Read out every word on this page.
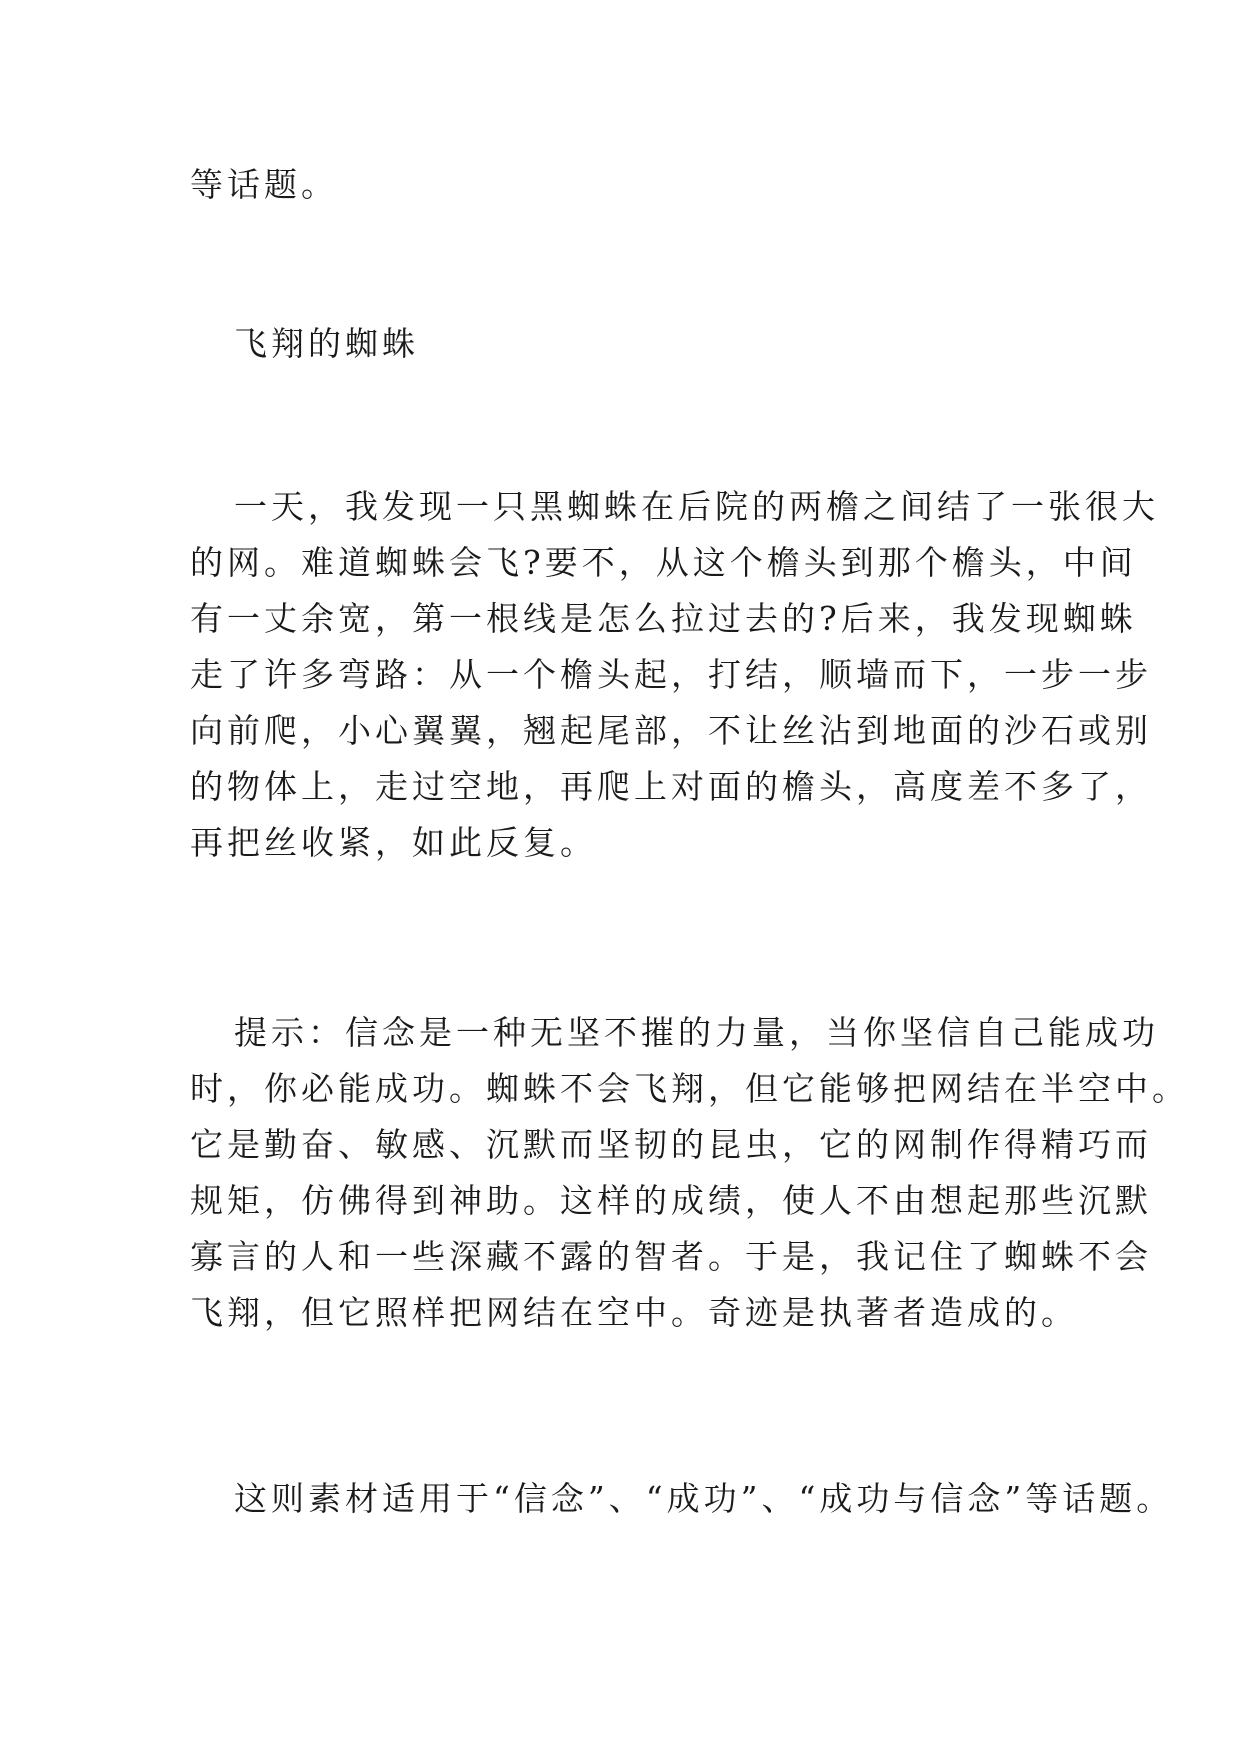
等话题。
飞翔的蜘蛛
一天，我发现一只黑蜘蛛在后院的两檐之间结了一张很大
的网。难道蜘蛛会飞?要不，从这个檐头到那个檐头，中间
有一丈余宽，第一根线是怎么拉过去的?后来，我发现蜘蛛
走了许多弯路：从一个檐头起，打结，顺墙而下，一步一步
向前爬，小心翼翼，翘起尾部，不让丝沾到地面的沙石或别
的物体上，走过空地，再爬上对面的檐头，高度差不多了，
再把丝收紧，如此反复。
提示：信念是一种无坚不摧的力量，当你坚信自己能成功
时，你必能成功。蜘蛛不会飞翔，但它能够把网结在半空中。
它是勤奋、敏感、沉默而坚韧的昆虫，它的网制作得精巧而
规矩，仿佛得到神助。这样的成绩，使人不由想起那些沉默
寡言的人和一些深藏不露的智者。于是，我记住了蜘蛛不会
飞翔，但它照样把网结在空中。奇迹是执著者造成的。
这则素材适用于“信念”、“成功”、“成功与信念”等话题。
